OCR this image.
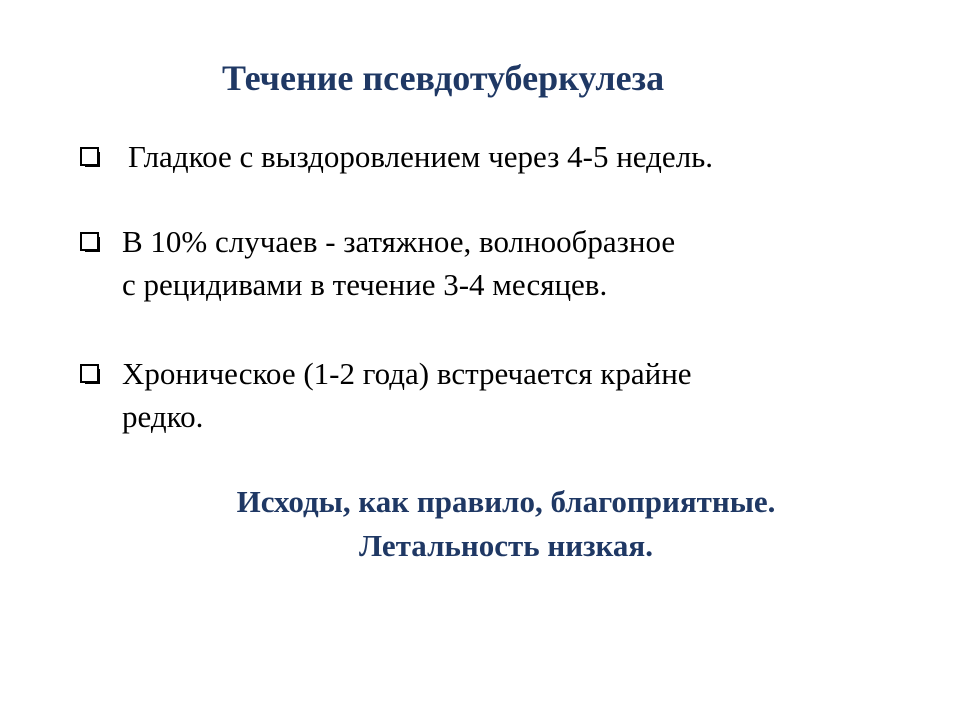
Течение псевдотуберкулеза
Гладкое с выздоровлением через 4-5 недель.
В 10% случаев - затяжное, волнообразное
с рецидивами в течение 3-4 месяцев.
Хроническое (1-2 года) встречается крайне
редко.
Исходы, как правило, благоприятные.
Летальность низкая.
